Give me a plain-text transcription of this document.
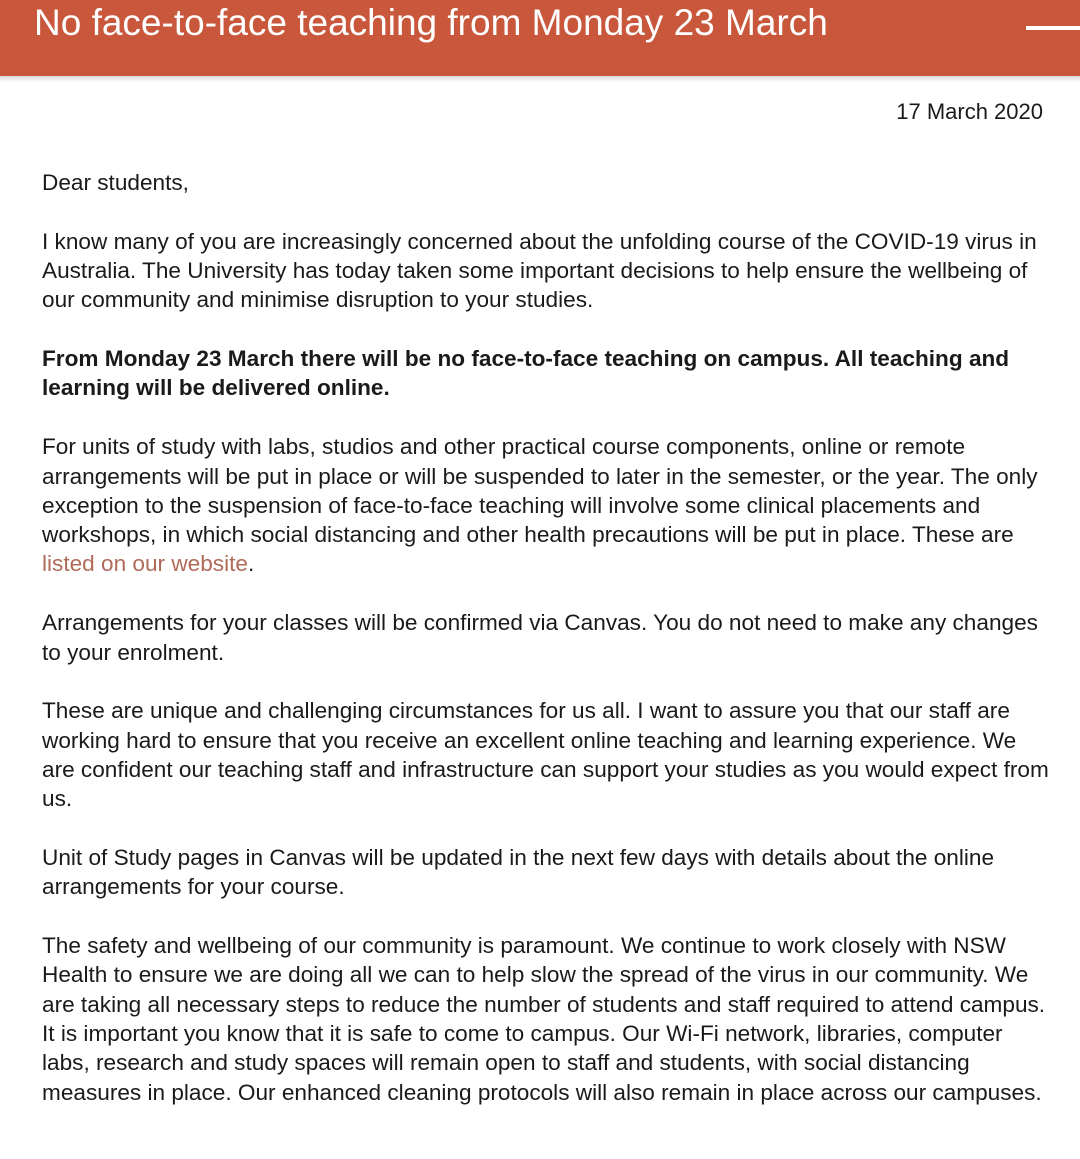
No face-to-face teaching from Monday 23 March
17 March 2020

Dear students,

I know many of you are increasingly concerned about the unfolding course of the COVID-19 virus in Australia. The University has today taken some important decisions to help ensure the wellbeing of our community and minimise disruption to your studies.

From Monday 23 March there will be no face-to-face teaching on campus. All teaching and learning will be delivered online.

For units of study with labs, studios and other practical course components, online or remote arrangements will be put in place or will be suspended to later in the semester, or the year. The only exception to the suspension of face-to-face teaching will involve some clinical placements and workshops, in which social distancing and other health precautions will be put in place. These are listed on our website.

Arrangements for your classes will be confirmed via Canvas. You do not need to make any changes to your enrolment.

These are unique and challenging circumstances for us all. I want to assure you that our staff are working hard to ensure that you receive an excellent online teaching and learning experience. We are confident our teaching staff and infrastructure can support your studies as you would expect from us.

Unit of Study pages in Canvas will be updated in the next few days with details about the online arrangements for your course.

The safety and wellbeing of our community is paramount. We continue to work closely with NSW Health to ensure we are doing all we can to help slow the spread of the virus in our community. We are taking all necessary steps to reduce the number of students and staff required to attend campus. It is important you know that it is safe to come to campus. Our Wi-Fi network, libraries, computer labs, research and study spaces will remain open to staff and students, with social distancing measures in place. Our enhanced cleaning protocols will also remain in place across our campuses.
